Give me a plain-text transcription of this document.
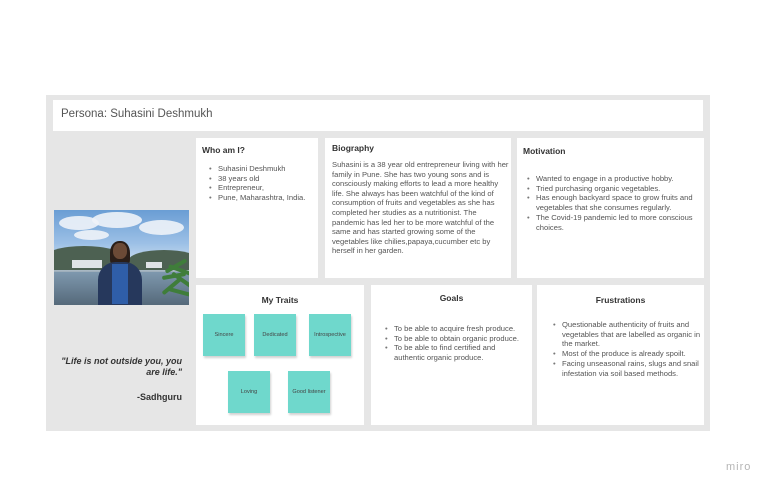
Persona: Suhasini Deshmukh
"Life is not outside you, you are life."
-Sadhguru
Who am I?
• Suhasini Deshmukh
• 38 years old
• Entrepreneur,
• Pune, Maharashtra, India.
Biography

Suhasini is a 38 year old entrepreneur living with her family in Pune. She has two young sons and is consciously making efforts to lead a more healthy life. She always has been watchful of the kind of consumption of fruits and vegetables as she has completed her studies as a nutritionist. The pandemic has led her to be more watchful of the same and has started growing some of the vegetables like chilies,papaya,cucumber etc by herself in her garden.

Motivation
• Wanted to engage in a productive hobby.
• Tried purchasing organic vegetables.
• Has enough backyard space to grow fruits and vegetables that she consumes regularly.
• The Covid-19 pandemic led to more conscious choices.
My Traits
Sincere	Dedicated	Introspective
Loving	Good listener
Goals
• To be able to acquire fresh produce.
• To be able to obtain organic produce.
• To be able to find certified and authentic organic produce.
Frustrations
• Questionable authenticity of fruits and vegetables that are labelled as organic in the market.
• Most of the produce is already spoilt.
• Facing unseasonal rains, slugs and snail infestation via soil based methods.
miro
